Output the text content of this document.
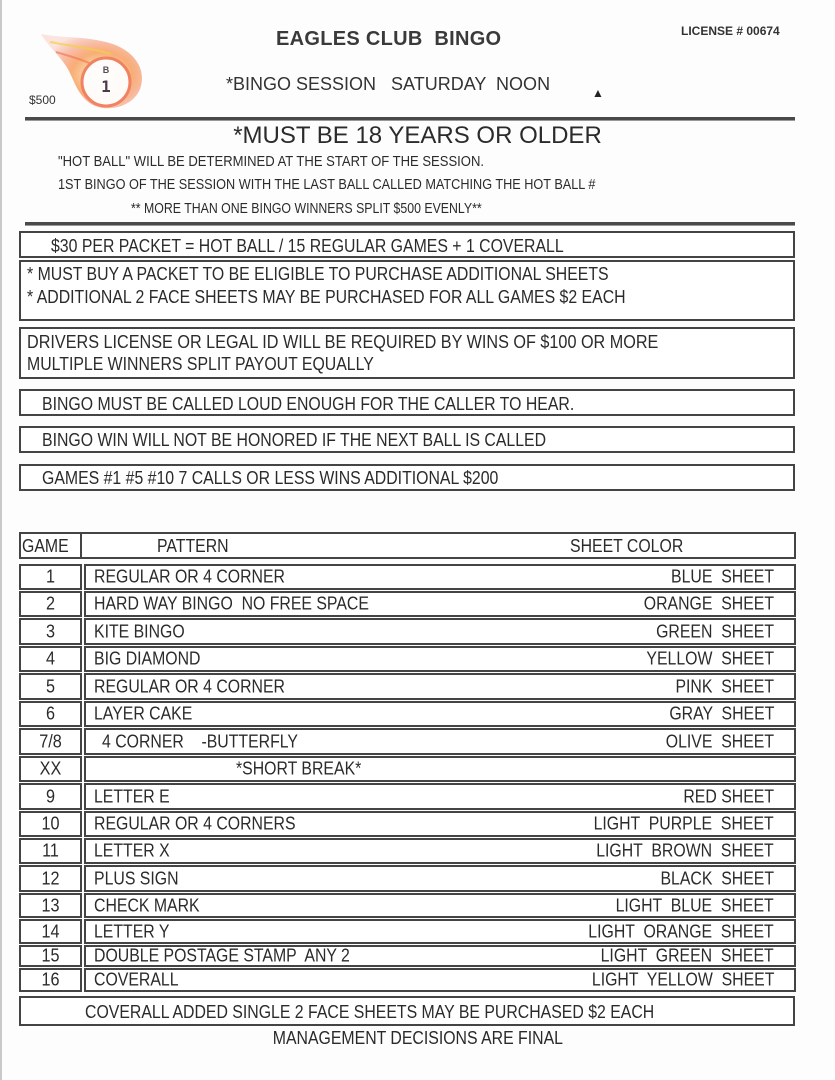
B
1
$500
EAGLES CLUB  BINGO	LICENSE # 00674
*BINGO SESSION   SATURDAY  NOON	▲
*MUST BE 18 YEARS OR OLDER
"HOT BALL" WILL BE DETERMINED AT THE START OF THE SESSION.
1ST BINGO OF THE SESSION WITH THE LAST BALL CALLED MATCHING THE HOT BALL #
** MORE THAN ONE BINGO WINNERS SPLIT $500 EVENLY**
$30 PER PACKET = HOT BALL / 15 REGULAR GAMES + 1 COVERALL
* MUST BUY A PACKET TO BE ELIGIBLE TO PURCHASE ADDITIONAL SHEETS
* ADDITIONAL 2 FACE SHEETS MAY BE PURCHASED FOR ALL GAMES $2 EACH
DRIVERS LICENSE OR LEGAL ID WILL BE REQUIRED BY WINS OF $100 OR MORE
MULTIPLE WINNERS SPLIT PAYOUT EQUALLY
BINGO MUST BE CALLED LOUD ENOUGH FOR THE CALLER TO HEAR.
BINGO WIN WILL NOT BE HONORED IF THE NEXT BALL IS CALLED
GAMES #1 #5 #10 7 CALLS OR LESS WINS ADDITIONAL $200
GAME	PATTERN	SHEET COLOR
1	REGULAR OR 4 CORNER	BLUE  SHEET
2	HARD WAY BINGO  NO FREE SPACE	ORANGE  SHEET
3	KITE BINGO	GREEN  SHEET
4	BIG DIAMOND	YELLOW  SHEET
5	REGULAR OR 4 CORNER	PINK  SHEET
6	LAYER CAKE	GRAY  SHEET
7/8	4 CORNER    -BUTTERFLY	OLIVE  SHEET
XX	*SHORT BREAK*
9	LETTER E	RED SHEET
10	REGULAR OR 4 CORNERS	LIGHT  PURPLE  SHEET
11	LETTER X	LIGHT  BROWN  SHEET
12	PLUS SIGN	BLACK  SHEET
13	CHECK MARK	LIGHT  BLUE  SHEET
14	LETTER Y	LIGHT  ORANGE  SHEET
15	DOUBLE POSTAGE STAMP  ANY 2	LIGHT  GREEN  SHEET
16	COVERALL	LIGHT  YELLOW  SHEET
COVERALL ADDED SINGLE 2 FACE SHEETS MAY BE PURCHASED $2 EACH
MANAGEMENT DECISIONS ARE FINAL
